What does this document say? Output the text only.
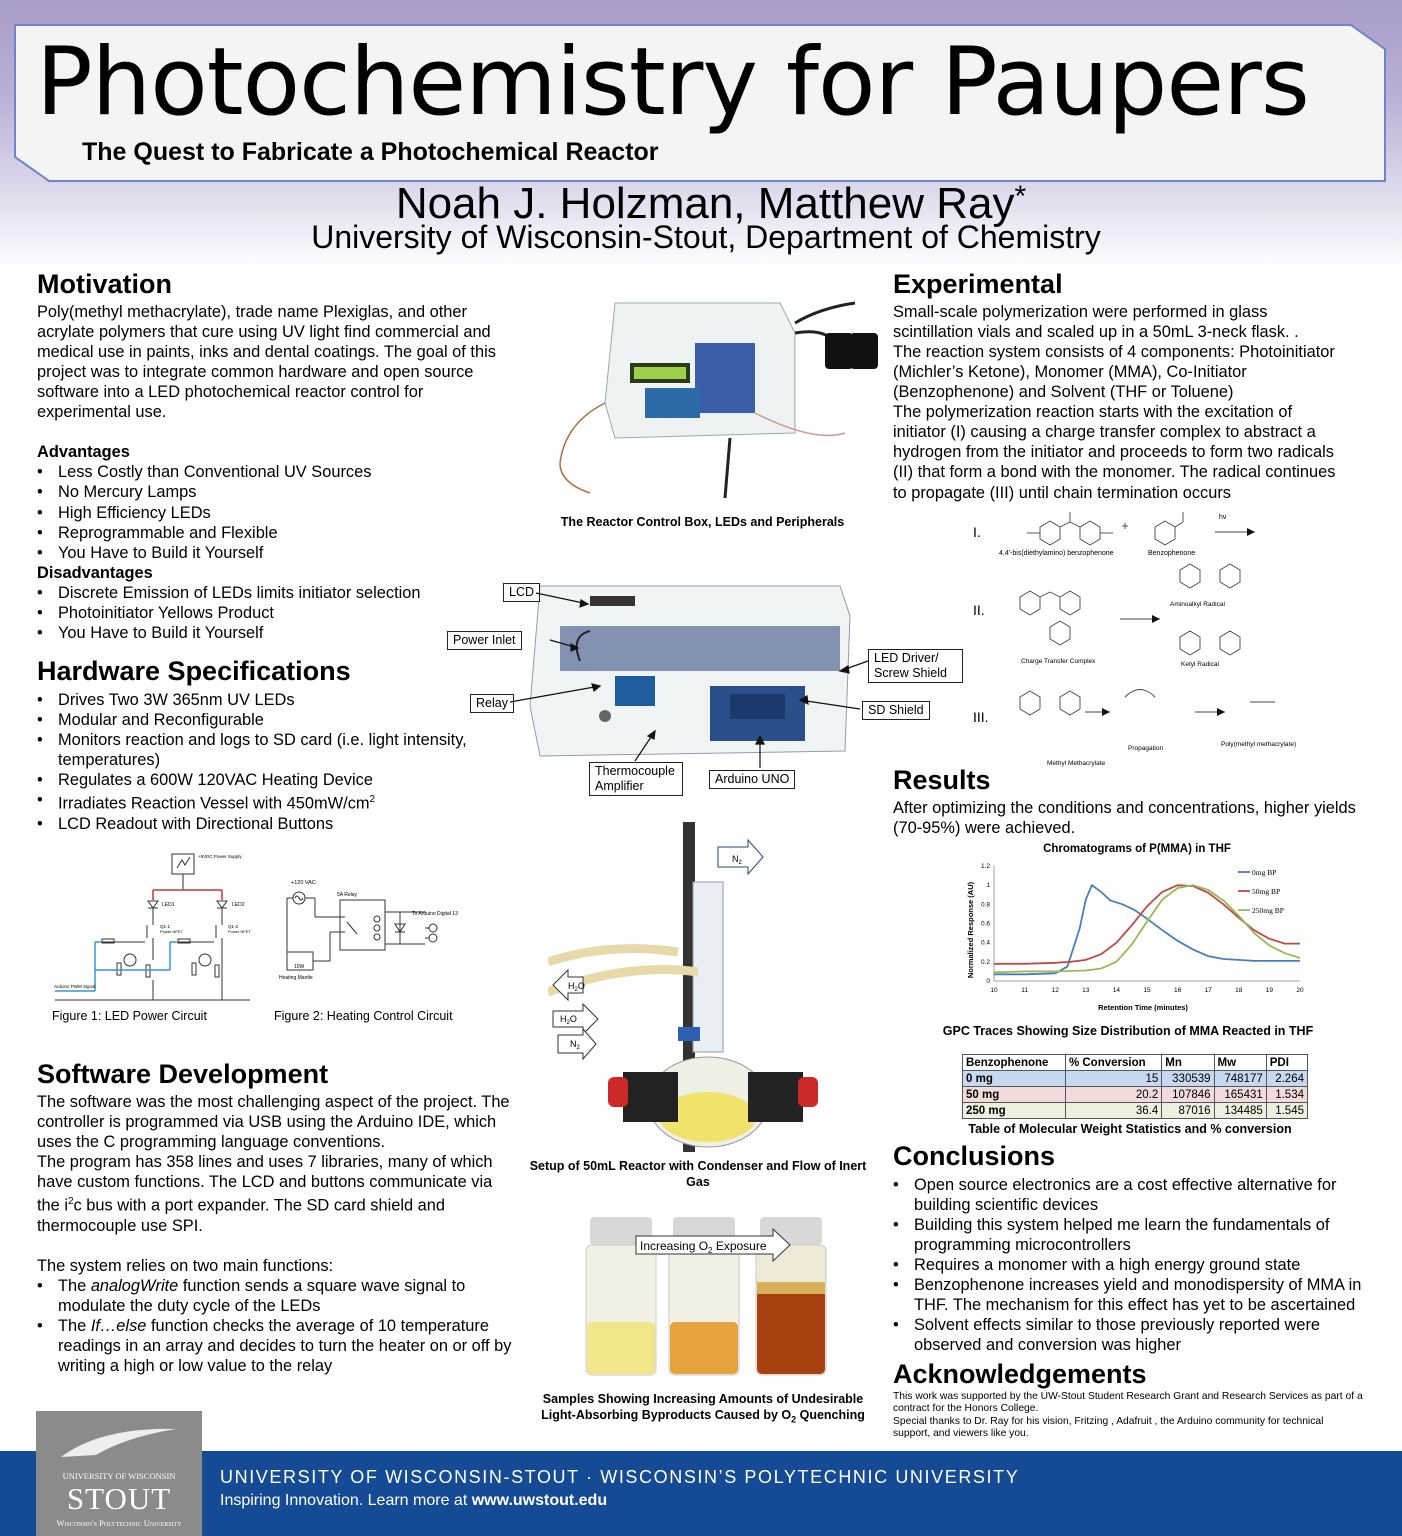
Photochemistry for Paupers
The Quest to Fabricate a Photochemical Reactor
Noah J. Holzman, Matthew Ray*
University of Wisconsin-Stout, Department of Chemistry
Motivation
Poly(methyl methacrylate), trade name Plexiglas, and other acrylate polymers that cure using UV light find commercial and medical use in paints, inks and dental coatings. The goal of this project was to integrate common hardware and open source software into a LED photochemical reactor control for experimental use.
Advantages
• Less Costly than Conventional UV Sources
• No Mercury Lamps
• High Efficiency LEDs
• Reprogrammable and Flexible
• You Have to Build it Yourself
Disadvantages
• Discrete Emission of LEDs limits initiator selection
• Photoinitiator Yellows Product
• You Have to Build it Yourself
Hardware Specifications
• Drives Two 3W 365nm UV LEDs
• Modular and Reconfigurable
• Monitors reaction and logs to SD card (i.e. light intensity, temperatures)
• Regulates a 600W 120VAC Heating Device
• Irradiates Reaction Vessel with $450mW/cm^2$
• LCD Readout with Directional Buttons
+5VDC Power Supply
LED1	LED2
Q1-1	Q1-2
Power NFET	Power NFET
Arduino PWM Signal
Figure 1: LED Power Circuit
+120 VAC
5A Relay
To Arduino Digital 13
10W
Heating Mantle
Figure 2: Heating Control Circuit
Software Development
The software was the most challenging aspect of the project. The controller is programmed via USB using the Arduino IDE, which uses the C programming language conventions.
The program has 358 lines and uses 7 libraries, many of which have custom functions. The LCD and buttons communicate via the $i^2c$ bus with a port expander. The SD card shield and thermocouple use SPI.
The system relies on two main functions:
• The analogWrite function sends a square wave signal to modulate the duty cycle of the LEDs
• The If…else function checks the average of 10 temperature readings in an array and decides to turn the heater on or off by writing a high or low value to the relay
The Reactor Control Box, LEDs and Peripherals
LCD
Power Inlet
Relay
Thermocouple Amplifier	Arduino UNO
SD Shield
LED Driver/ Screw Shield
$N_2$
$H_2O$
$H_2O$
$N_2$
Setup of 50mL Reactor with Condenser and Flow of Inert Gas
Increasing $O_2$ Exposure
Samples Showing Increasing Amounts of Undesirable
Light-Absorbing Byproducts Caused by $O_2$ Quenching
Experimental
Small-scale polymerization were performed in glass scintillation vials and scaled up in a 50mL 3-neck flask. .
The reaction system consists of 4 components: Photoinitiator (Michler’s Ketone), Monomer (MMA), Co-Initiator (Benzophenone) and Solvent (THF or Toluene)
The polymerization reaction starts with the excitation of initiator (I) causing a charge transfer complex to abstract a hydrogen from the initiator and proceeds to form two radicals (II) that form a bond with the monomer. The radical continues to propagate (III) until chain termination occurs
I.
II.
III.
4,4'-bis(diethylamino) benzophenone	Benzophenone
hν
Charge Transfer Complex
Aminoalkyl Radical
Ketyl Radical
Methyl Methacrylate
Propagation
Poly(methyl methacrylate)
Results
After optimizing the conditions and concentrations, higher yields (70-95%) were achieved.
Chromatograms of P(MMA) in THF
Retention Time (minutes)
Normalized Response (AU)
10	11	12	13	14	15	16	17	18	19	20
0
0.2
0.4
0.6
0.8
1
1.2
0mg BP
50mg BP
250mg BP
GPC Traces Showing Size Distribution of MMA Reacted in THF
Benzophenone	% Conversion	Mn	Mw	PDI
0 mg	15	330539	748177	2.264
50 mg	20.2	107846	165431	1.534
250 mg	36.4	87016	134485	1.545
Table of Molecular Weight Statistics and % conversion
Conclusions
• Open source electronics are a cost effective alternative for building scientific devices
• Building this system helped me learn the fundamentals of programming microcontrollers
• Requires a monomer with a high energy ground state
• Benzophenone increases yield and monodispersity of MMA in THF. The mechanism for this effect has yet to be ascertained
• Solvent effects similar to those previously reported were observed and conversion was higher
Acknowledgements
This work was supported by the UW-Stout Student Research Grant and Research Services as part of a contract for the Honors College.
Special thanks to Dr. Ray for his vision, Fritzing , Adafruit , the Arduino community for technical support, and viewers like you.
UNIVERSITY OF WISCONSIN-STOUT · WISCONSIN’S POLYTECHNIC UNIVERSITY
Inspiring Innovation. Learn more at www.uwstout.edu
UNIVERSITY OF WISCONSIN
STOUT
Wisconsin's Polytechnic University
